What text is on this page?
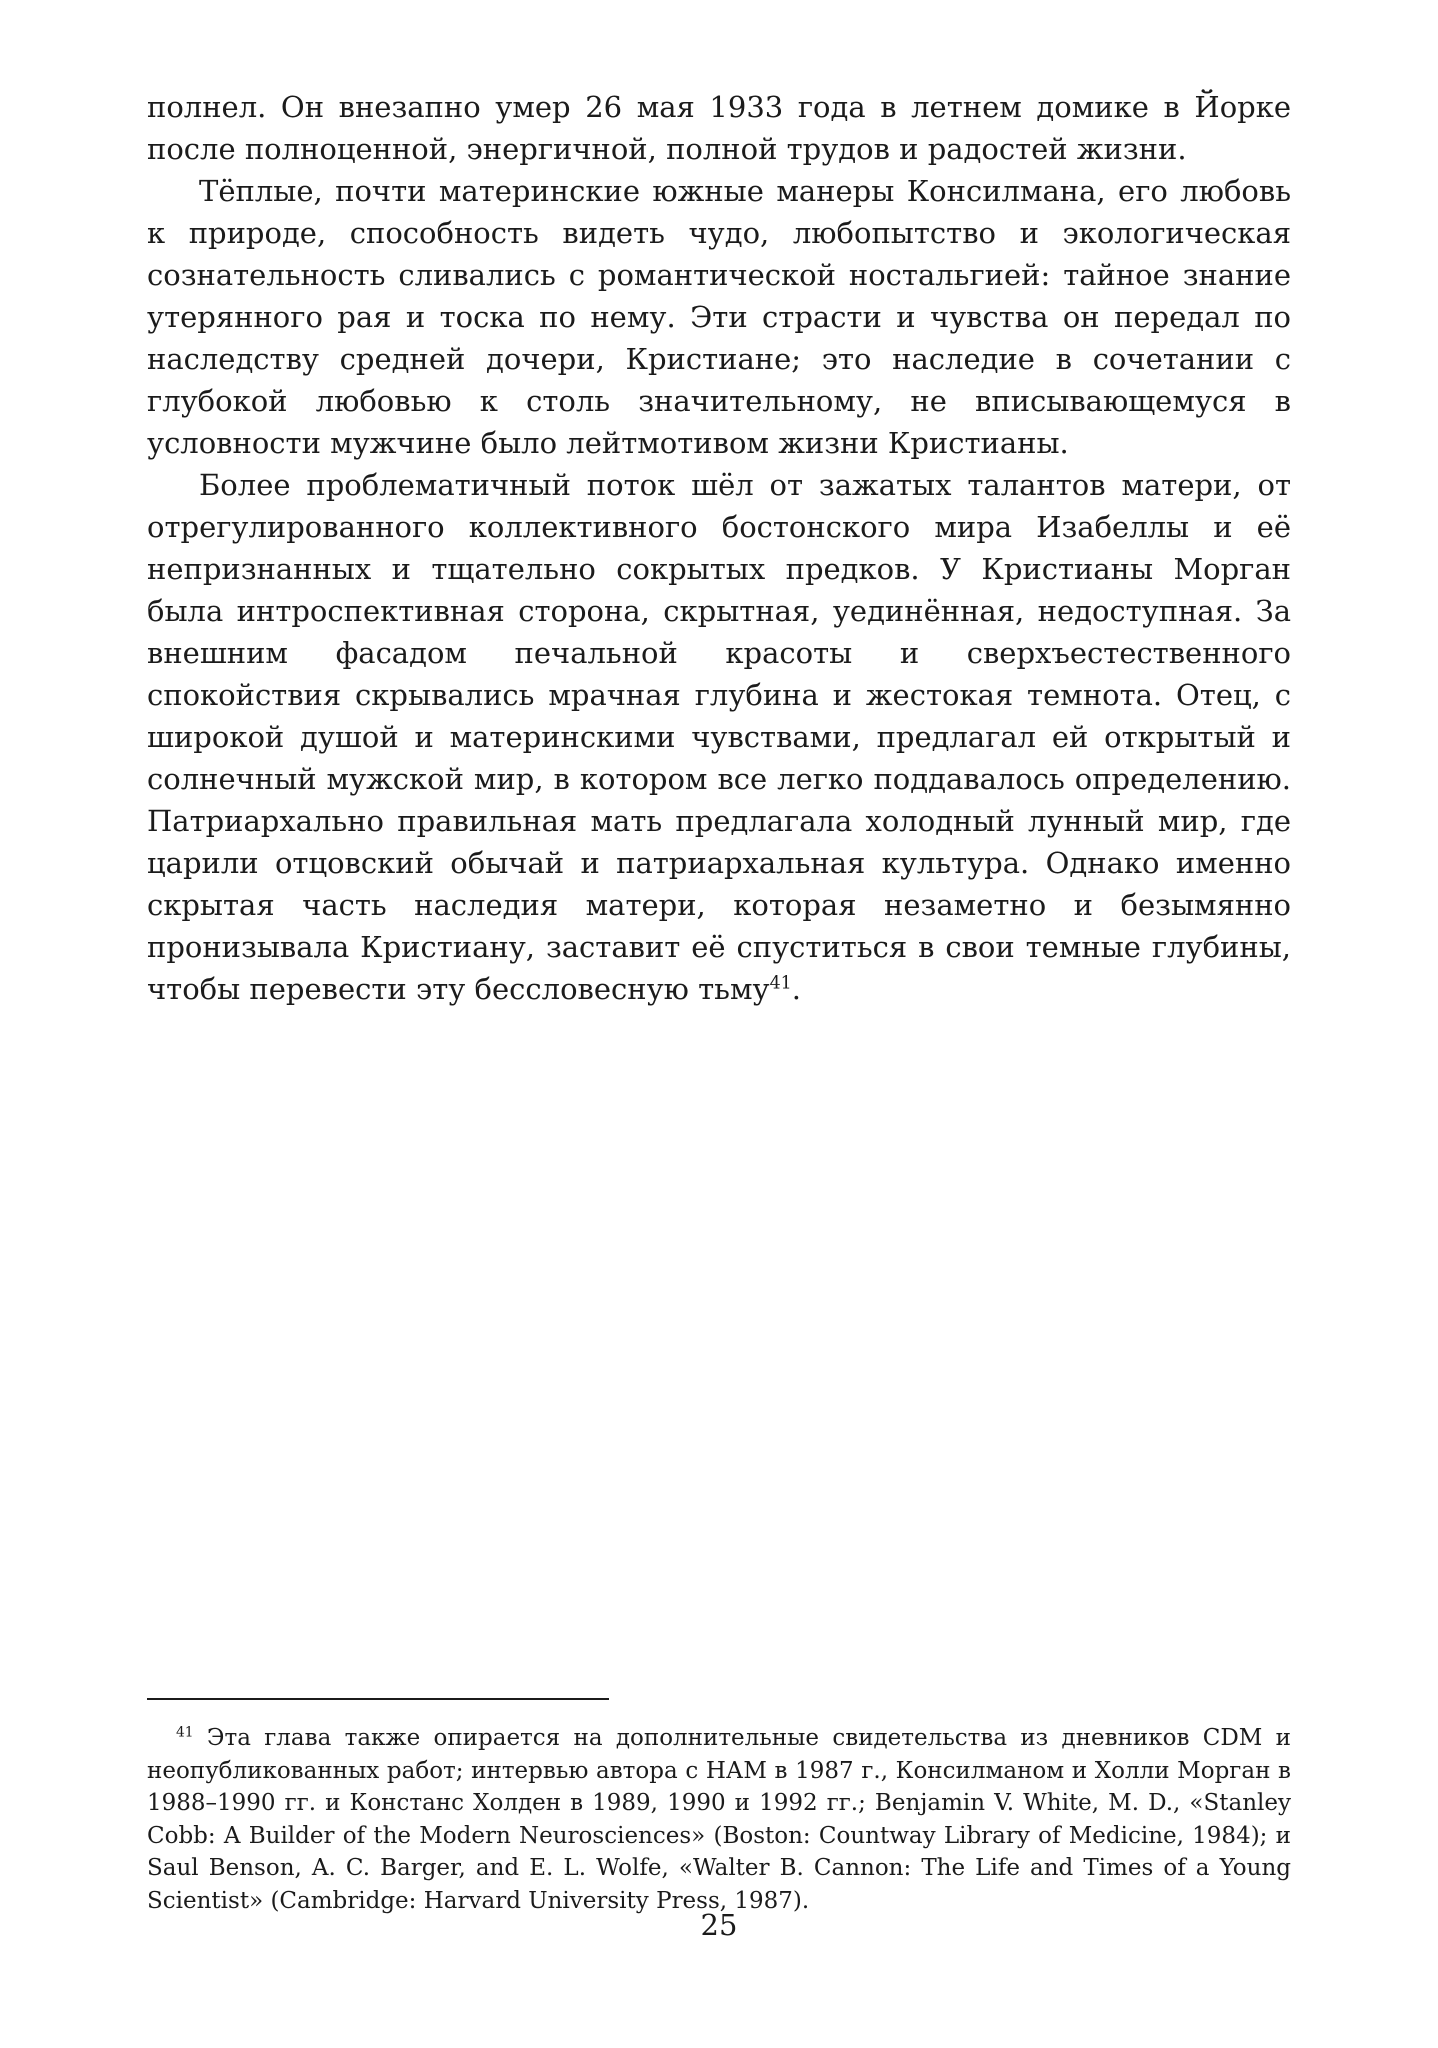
полнел. Он внезапно умер 26 мая 1933 года в летнем домике в Йорке после полноценной, энергичной, полной трудов и радостей жизни.

Тёплые, почти материнские южные манеры Консилмана, его любовь к природе, способность видеть чудо, любопытство и экологическая сознательность сливались с романтической ностальгией: тайное знание утерянного рая и тоска по нему. Эти страсти и чувства он передал по наследству средней дочери, Кристиане; это наследие в сочетании с глубокой любовью к столь значительному, не вписывающемуся в условности мужчине было лейтмотивом жизни Кристианы.

Более проблематичный поток шёл от зажатых талантов матери, от отрегулированного коллективного бостонского мира Изабеллы и её непризнанных и тщательно сокрытых предков. У Кристианы Морган была интроспективная сторона, скрытная, уединённая, недоступная. За внешним фасадом печальной красоты и сверхъестественного спокойствия скрывались мрачная глубина и жестокая темнота. Отец, с широкой душой и материнскими чувствами, предлагал ей открытый и солнечный мужской мир, в котором все легко поддавалось определению. Патриархально правильная мать предлагала холодный лунный мир, где царили отцовский обычай и патриархальная культура. Однако именно скрытая часть наследия матери, которая незаметно и безымянно пронизывала Кристиану, заставит её спуститься в свои темные глубины, чтобы перевести эту бессловесную тьму$^{41}$.

$^{41}$ Эта глава также опирается на дополнительные свидетельства из дневников CDM и неопубликованных работ; интервью автора с НАМ в 1987 г., Консилманом и Холли Морган в 1988–1990 гг. и Констанс Холден в 1989, 1990 и 1992 гг.; Benjamin V. White, M. D., «Stanley Cobb: A Builder of the Modern Neurosciences» (Boston: Countway Library of Medicine, 1984); и Saul Benson, A. C. Barger, and E. L. Wolfe, «Walter B. Cannon: The Life and Times of a Young Scientist» (Cambridge: Harvard University Press, 1987).
25
